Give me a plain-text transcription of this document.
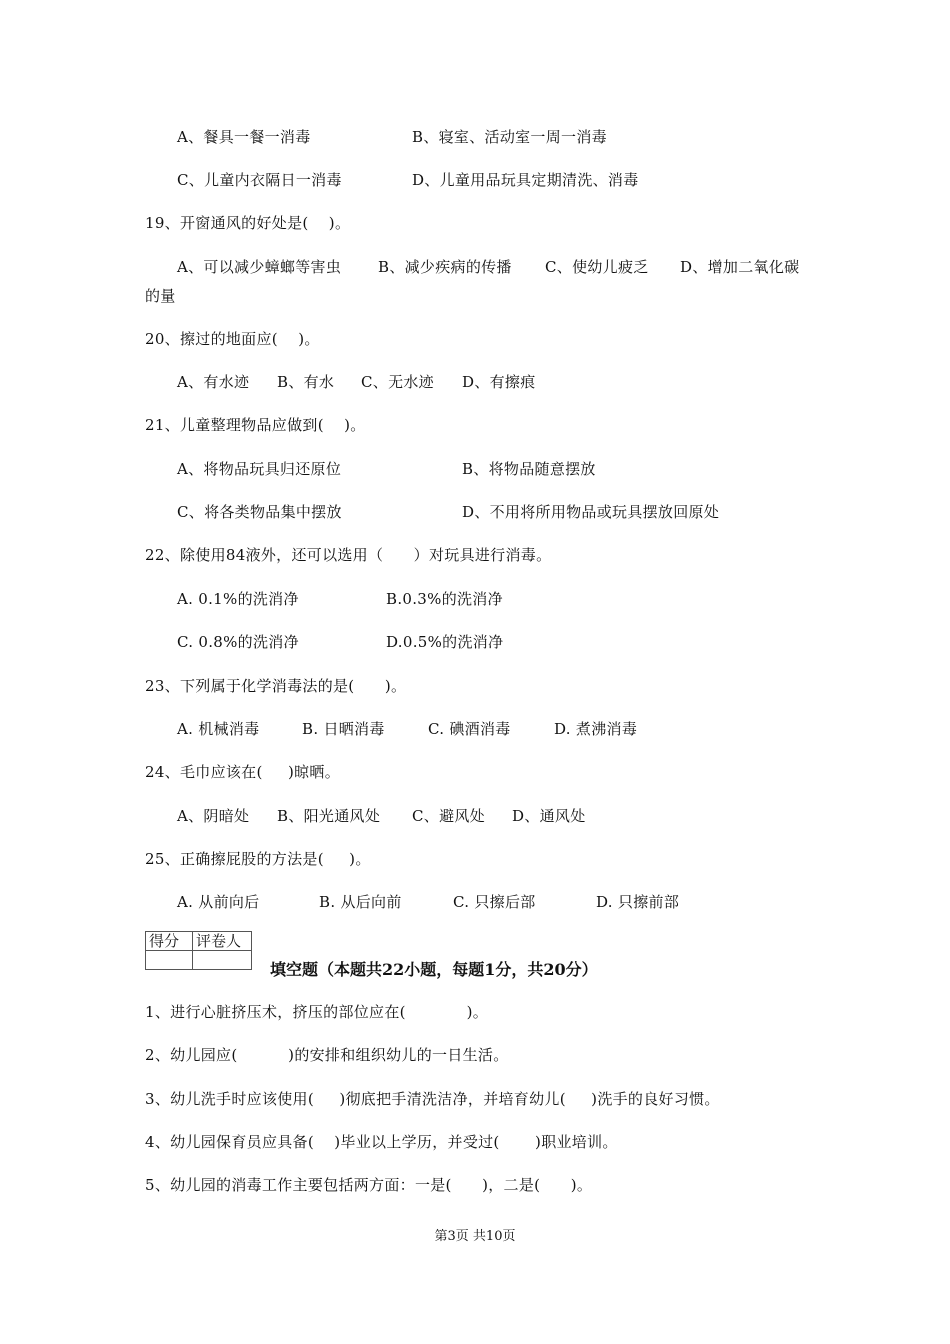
A、餐具一餐一消毒	B、寝室、活动室一周一消毒
C、儿童内衣隔日一消毒	D、儿童用品玩具定期清洗、消毒
19、开窗通风的好处是(    )。
A、可以减少蟑螂等害虫 B、减少疾病的传播 C、使幼儿疲乏 D、增加二氧化碳
的量
20、擦过的地面应(    )。
A、有水迹 B、有水 C、无水迹 D、有擦痕
21、儿童整理物品应做到(    )。
A、将物品玩具归还原位	B、将物品随意摆放
C、将各类物品集中摆放	D、不用将所用物品或玩具摆放回原处
22、除使用84液外，还可以选用（      ）对玩具进行消毒。
A. 0.1%的洗消净	B.0.3%的洗消净
C. 0.8%的洗消净	D.0.5%的洗消净
23、下列属于化学消毒法的是(      )。
A. 机械消毒	B. 日晒消毒	C. 碘酒消毒	D. 煮沸消毒
24、毛巾应该在(     )晾晒。
A、阴暗处 B、阳光通风处 C、避风处 D、通风处
25、正确擦屁股的方法是(     )。
A. 从前向后	B. 从后向前	C. 只擦后部	D. 只擦前部
得分	评卷人

填空题（本题共22小题，每题1分，共20分）
1、进行心脏挤压术，挤压的部位应在(            )。
2、幼儿园应(          )的安排和组织幼儿的一日生活。
3、幼儿洗手时应该使用(     )彻底把手清洗洁净，并培育幼儿(     )洗手的良好习惯。
4、幼儿园保育员应具备(    )毕业以上学历，并受过(       )职业培训。
5、幼儿园的消毒工作主要包括两方面：一是(      )，二是(      )。
第3页 共10页
